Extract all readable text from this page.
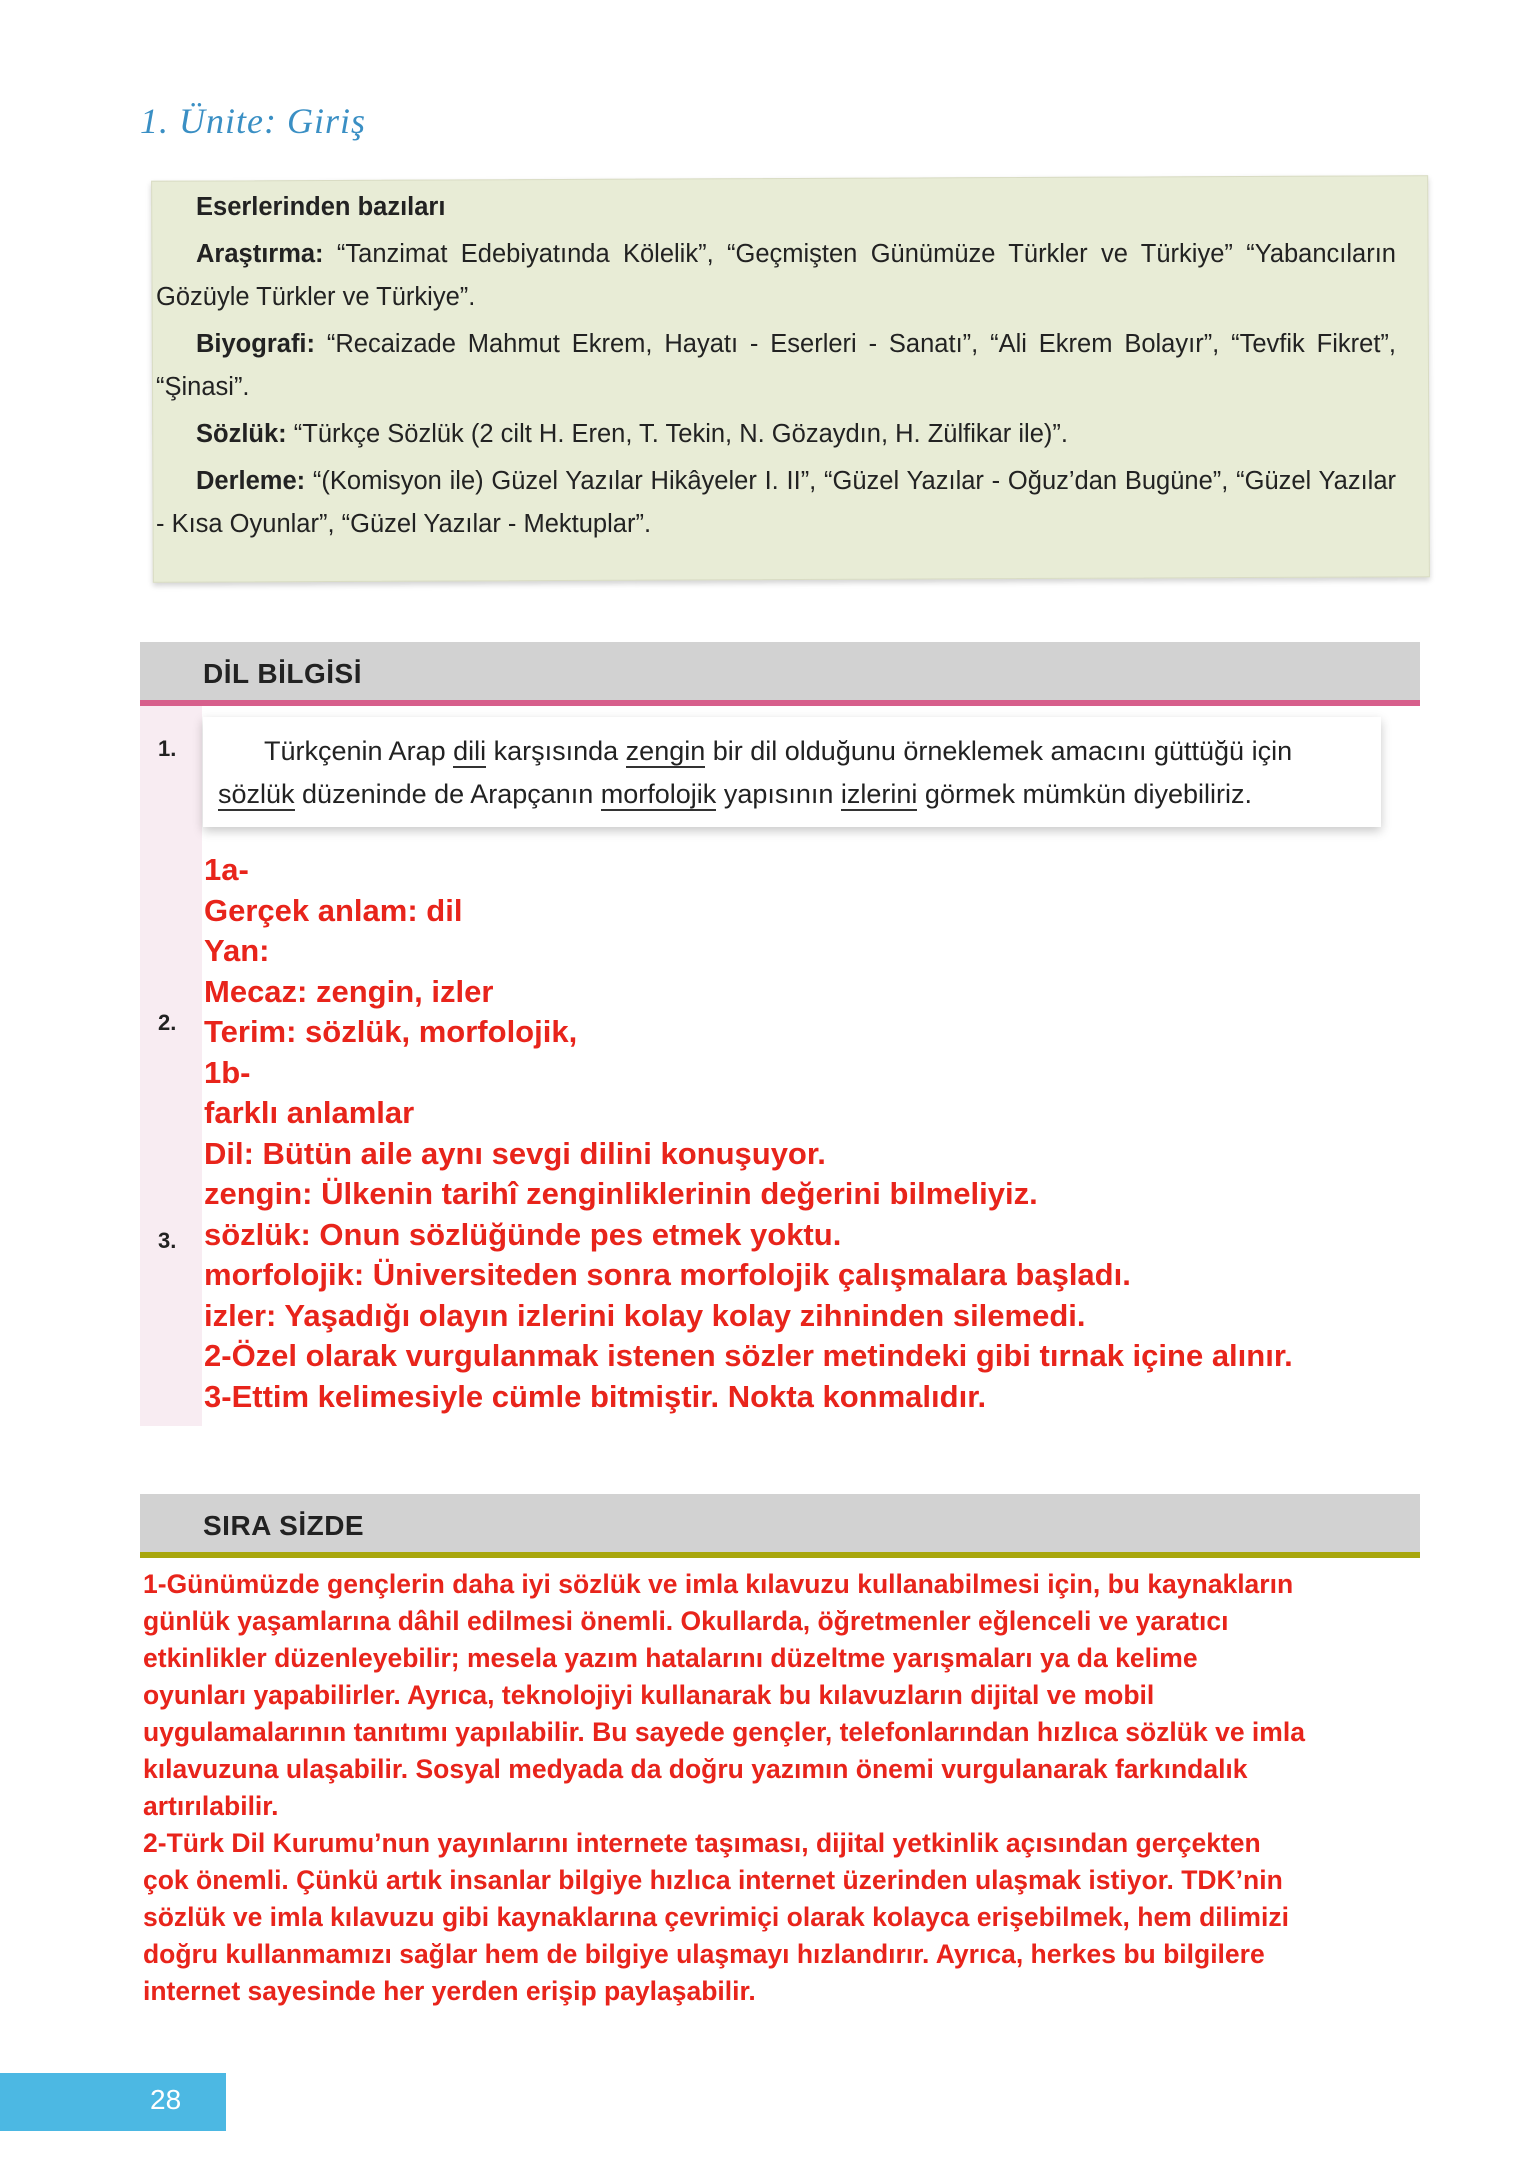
1. Ünite: Giriş
Eserlerinden bazıları

Araştırma: “Tanzimat Edebiyatında Kölelik”, “Geçmişten Günümüze Türkler ve Türkiye” “Yabancıların Gözüyle Türkler ve Türkiye”.

Biyografi: “Recaizade Mahmut Ekrem, Hayatı - Eserleri - Sanatı”, “Ali Ekrem Bolayır”, “Tevfik Fikret”, “Şinasi”.

Sözlük: “Türkçe Sözlük (2 cilt H. Eren, T. Tekin, N. Gözaydın, H. Zülfikar ile)”.

Derleme: “(Komisyon ile) Güzel Yazılar Hikâyeler I. II”, “Güzel Yazılar - Oğuz’dan Bugüne”, “Güzel Yazılar - Kısa Oyunlar”, “Güzel Yazılar - Mektuplar”.

DİL BİLGİSİ
1.
2.
3.
Türkçenin Arap dili karşısında zengin bir dil olduğunu örneklemek amacını güttüğü için
sözlük düzeninde de Arapçanın morfolojik yapısının izlerini görmek mümkün diyebiliriz.
1a-
Gerçek anlam: dil
Yan:
Mecaz: zengin, izler
Terim: sözlük, morfolojik,
1b-
farklı anlamlar
Dil: Bütün aile aynı sevgi dilini konuşuyor.
zengin: Ülkenin tarihî zenginliklerinin değerini bilmeliyiz.
sözlük: Onun sözlüğünde pes etmek yoktu.
morfolojik: Üniversiteden sonra morfolojik çalışmalara başladı.
izler: Yaşadığı olayın izlerini kolay kolay zihninden silemedi.
2-Özel olarak vurgulanmak istenen sözler metindeki gibi tırnak içine alınır.
3-Ettim kelimesiyle cümle bitmiştir. Nokta konmalıdır.
SIRA SİZDE
1-Günümüzde gençlerin daha iyi sözlük ve imla kılavuzu kullanabilmesi için, bu kaynakların
günlük yaşamlarına dâhil edilmesi önemli. Okullarda, öğretmenler eğlenceli ve yaratıcı
etkinlikler düzenleyebilir; mesela yazım hatalarını düzeltme yarışmaları ya da kelime
oyunları yapabilirler. Ayrıca, teknolojiyi kullanarak bu kılavuzların dijital ve mobil
uygulamalarının tanıtımı yapılabilir. Bu sayede gençler, telefonlarından hızlıca sözlük ve imla
kılavuzuna ulaşabilir. Sosyal medyada da doğru yazımın önemi vurgulanarak farkındalık
artırılabilir.
2-Türk Dil Kurumu’nun yayınlarını internete taşıması, dijital yetkinlik açısından gerçekten
çok önemli. Çünkü artık insanlar bilgiye hızlıca internet üzerinden ulaşmak istiyor. TDK’nin
sözlük ve imla kılavuzu gibi kaynaklarına çevrimiçi olarak kolayca erişebilmek, hem dilimizi
doğru kullanmamızı sağlar hem de bilgiye ulaşmayı hızlandırır. Ayrıca, herkes bu bilgilere
internet sayesinde her yerden erişip paylaşabilir.
28
